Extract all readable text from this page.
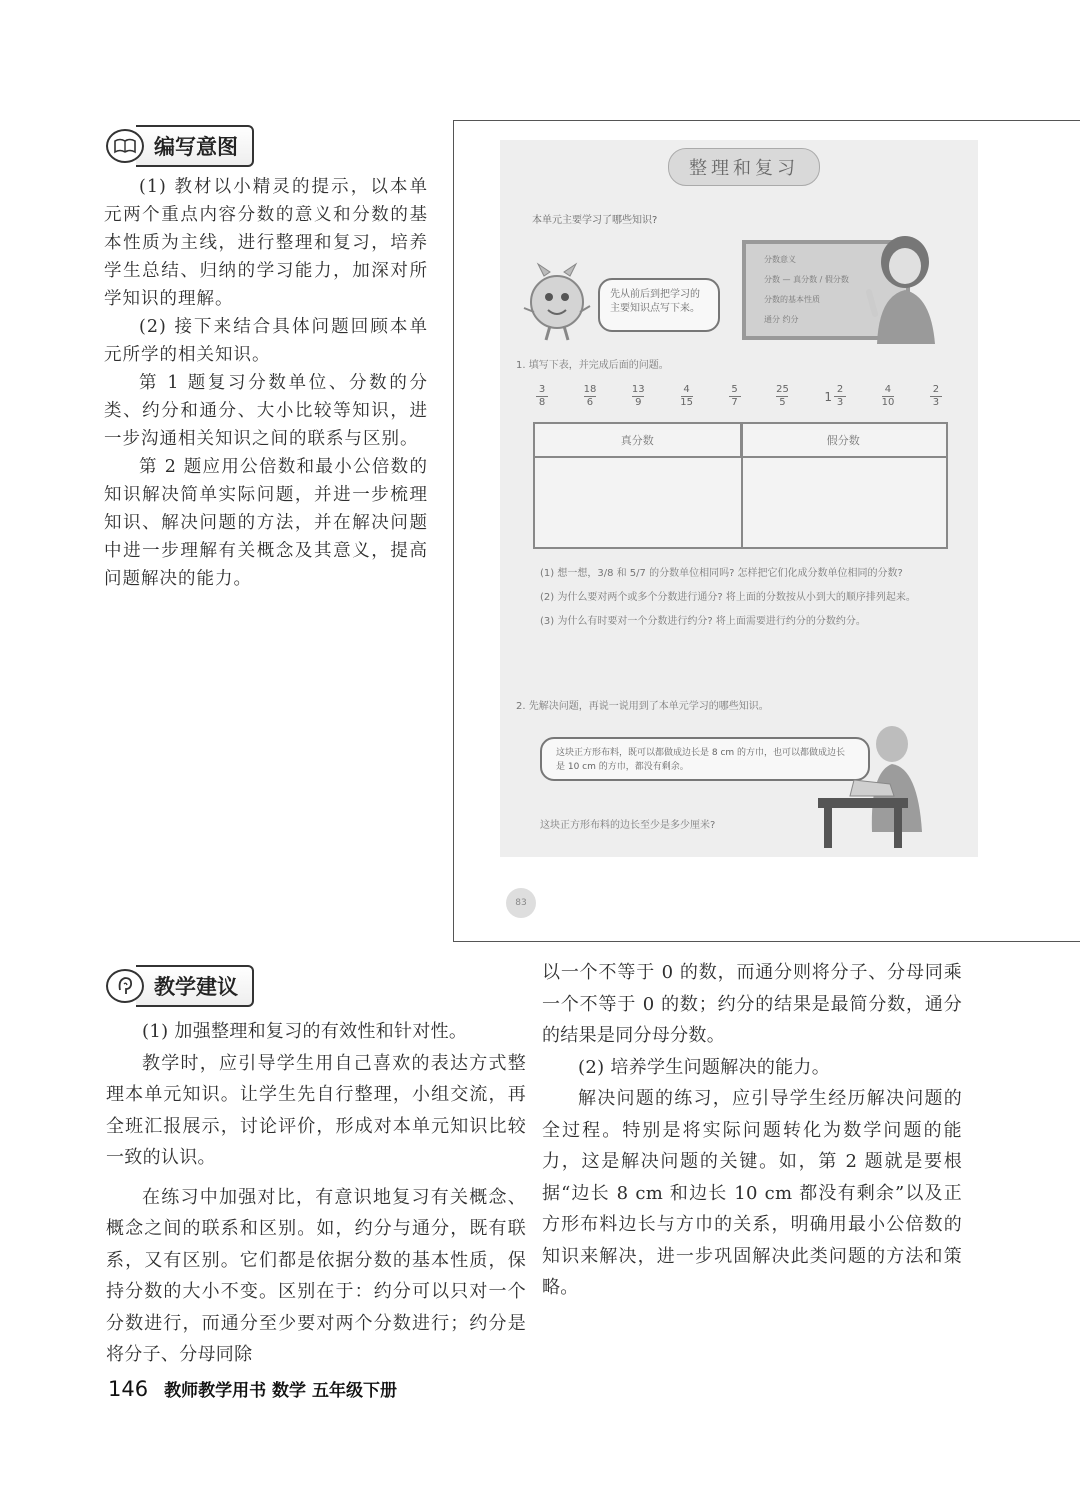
编写意图

(1) 教材以小精灵的提示，以本单元两个重点内容分数的意义和分数的基本性质为主线，进行整理和复习，培养学生总结、归纳的学习能力，加深对所学知识的理解。

(2) 接下来结合具体问题回顾本单元所学的相关知识。

第 1 题复习分数单位、分数的分类、约分和通分、大小比较等知识，进一步沟通相关知识之间的联系与区别。

第 2 题应用公倍数和最小公倍数的知识解决简单实际问题，并进一步梳理知识、解决问题的方法，并在解决问题中进一步理解有关概念及其意义，提高问题解决的能力。

整理和复习
本单元主要学习了哪些知识?
先从前后到把学习的主要知识点写下来。
分数意义
分数 — 真分数 / 假分数
分数的基本性质
通分 约分
1. 填写下表，并完成后面的问题。
$\frac{3}{8}$	$\frac{18}{6}$	$\frac{13}{9}$	$\frac{4}{15}$	$\frac{5}{7}$	$\frac{25}{5}$	$1 \frac{2}{3}$	$\frac{4}{10}$	$\frac{2}{3}$
真分数	假分数
(1) 想一想，3/8 和 5/7 的分数单位相同吗? 怎样把它们化成分数单位相同的分数?
(2) 为什么要对两个或多个分数进行通分? 将上面的分数按从小到大的顺序排列起来。
(3) 为什么有时要对一个分数进行约分? 将上面需要进行约分的分数约分。
2. 先解决问题，再说一说用到了本单元学习的哪些知识。
这块正方形布料，既可以都做成边长是 8 cm 的方巾，也可以都做成边长是 10 cm 的方巾，都没有剩余。
这块正方形布料的边长至少是多少厘米?
83
教学建议

(1) 加强整理和复习的有效性和针对性。

教学时，应引导学生用自己喜欢的表达方式整理本单元知识。让学生先自行整理，小组交流，再全班汇报展示，讨论评价，形成对本单元知识比较一致的认识。

在练习中加强对比，有意识地复习有关概念、概念之间的联系和区别。如，约分与通分，既有联系，又有区别。它们都是依据分数的基本性质，保持分数的大小不变。区别在于：约分可以只对一个分数进行，而通分至少要对两个分数进行；约分是将分子、分母同除

以一个不等于 0 的数，而通分则将分子、分母同乘一个不等于 0 的数；约分的结果是最简分数，通分的结果是同分母分数。

(2) 培养学生问题解决的能力。

解决问题的练习，应引导学生经历解决问题的全过程。特别是将实际问题转化为数学问题的能力，这是解决问题的关键。如，第 2 题就是要根据“边长 8 cm 和边长 10 cm 都没有剩余”以及正方形布料边长与方巾的关系，明确用最小公倍数的知识来解决，进一步巩固解决此类问题的方法和策略。

146 教师教学用书 数学 五年级下册
